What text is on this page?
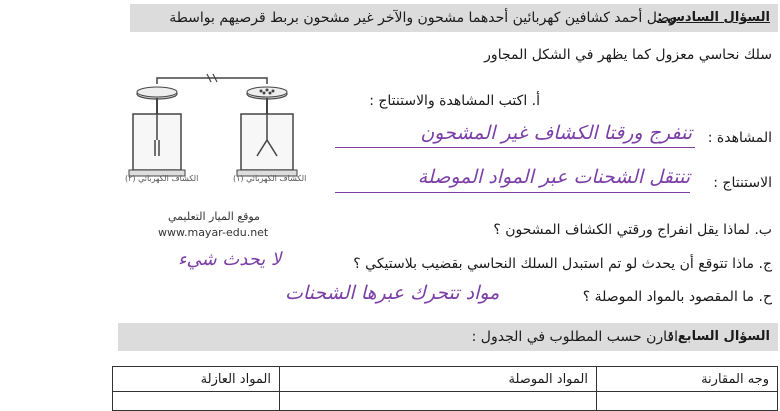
السؤال السادس :
وصل أحمد كشافين كهربائين أحدهما مشحون والآخر غير مشحون بربط قرصيهم بواسطة
سلك نحاسي معزول كما يظهر في الشكل المجاور
أ. اكتب المشاهدة والاستنتاج :
المشاهدة :
تنفرج ورقتا الكشاف غير المشحون
الاستنتاج :
تنتقل الشحنات عبر المواد الموصلة
ب. لماذا يقل انفراج ورقتي الكشاف المشحون ؟
ج. ماذا تتوقع أن يحدث لو تم استبدل السلك النحاسي بقضيب بلاستيكي ؟
لا يحدث شيء
ح. ما المقصود بالمواد الموصلة ؟
مواد تتحرك عبرها الشحنات
الكشاف الكهربائي (٢)	الكشاف الكهربائي (١)
موقع الميار التعليمي
www.mayar-edu.net
السؤال السابع :
اقارن حسب المطلوب في الجدول :
المواد العازلة	المواد الموصلة	وجه المقارنة
